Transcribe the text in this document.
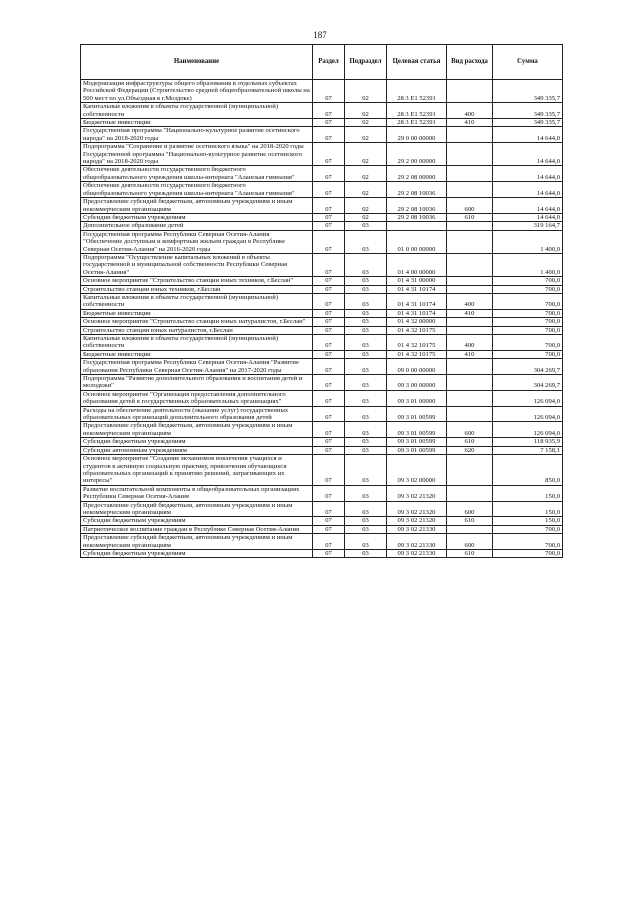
187
Наименование	Раздел	Подраздел	Целевая статья	Вид расхода	Сумма
Модернизация инфраструктуры общего образования в отдельных субъектах Российской Федерации (Строительство средней общеобразовательной школы на 500 мест по ул.Объездная в г.Моздоке)	07	02	28 3 E1 52391		349 335,7
Капитальные вложения в объекты государственной (муниципальной) собственности	07	02	28 3 E1 52391	400	349 335,7
Бюджетные инвестиции	07	02	28 3 E1 52391	410	349 335,7
Государственная программа "Национально-культурное развитие осетинского народа" на 2018-2020 годы	07	02	29 0 00 00000		14 644,0
Подпрограмма "Сохранение и развитие осетинского языка" на 2018-2020 годы Государственной программы "Национально-культурное развитие осетинского народа" на 2018-2020 годы	07	02	29 2 00 00000		14 644,0
Обеспечение деятельности государственного бюджетного общеобразовательного учреждения школы-интерната "Аланская гимназия"	07	02	29 2 08 00000		14 644,0
Обеспечение деятельности государственного бюджетного общеобразовательного учреждения школы-интерната "Аланская гимназия"	07	02	29 2 08 10036		14 644,0
Предоставление субсидий бюджетным, автономным учреждениям и иным некоммерческим организациям	07	02	29 2 08 10036	600	14 644,0
Субсидии бюджетным учреждениям	07	02	29 2 08 10036	610	14 644,0
Дополнительное образование детей	07	03			319 164,7
Государственная программа Республики Северная Осетия-Алания "Обеспечение доступным и комфортным жильем граждан в Республике Северная Осетия-Алания" на 2016-2020 годы	07	03	01 0 00 00000		1 400,0
Подпрограмма "Осуществление капитальных вложений в объекты государственной и муниципальной собственности Республики Северная Осетия-Алания"	07	03	01 4 00 00000		1 400,0
Основное мероприятие "Строительство станции юных техников, г.Беслан"	07	03	01 4 31 00000		700,0
Строительство станции юных техников, г.Беслан	07	03	01 4 31 10174		700,0
Капитальные вложения в объекты государственной (муниципальной) собственности	07	03	01 4 31 10174	400	700,0
Бюджетные инвестиции	07	03	01 4 31 10174	410	700,0
Основное мероприятие "Строительство станции юных натуралистов, г.Беслан"	07	03	01 4 32 00000		700,0
Строительство станции юных натуралистов, г.Беслан	07	03	01 4 32 10175		700,0
Капитальные вложения в объекты государственной (муниципальной) собственности	07	03	01 4 32 10175	400	700,0
Бюджетные инвестиции	07	03	01 4 32 10175	410	700,0
Государственная программа Республики Северная Осетия-Алания "Развитие образования Республики Северная Осетия-Алания" на 2017-2020 годы	07	03	09 0 00 00000		304 269,7
Подпрограмма "Развитие дополнительного образования и воспитания детей и молодежи"	07	03	09 3 00 00000		304 269,7
Основное мероприятие "Организация предоставления дополнительного образования детей в государственных образовательных организациях"	07	03	09 3 01 00000		126 094,0
Расходы на обеспечение деятельности (оказание услуг) государственных образовательных организаций дополнительного образования детей	07	03	09 3 01 00599		126 094,0
Предоставление субсидий бюджетным, автономным учреждениям и иным некоммерческим организациям	07	03	09 3 01 00599	600	126 094,0
Субсидии бюджетным учреждениям	07	03	09 3 01 00599	610	118 935,9
Субсидии автономным учреждениям	07	03	09 3 01 00599	620	7 158,1
Основное мероприятие "Создание механизмов вовлечения учащихся и студентов в активную социальную практику, привлечения обучающихся образовательных организаций к принятию решений, затрагивающих их интересы"	07	03	09 3 02 00000		850,0
Развитие воспитательной компоненты в общеобразовательных организациях Республики Северная Осетия-Алания	07	03	09 3 02 21320		150,0
Предоставление субсидий бюджетным, автономным учреждениям и иным некоммерческим организациям	07	03	09 3 02 21320	600	150,0
Субсидии бюджетным учреждениям	07	03	09 3 02 21320	610	150,0
Патриотическое воспитание граждан в Республике Северная Осетия-Алания	07	03	09 3 02 21330		700,0
Предоставление субсидий бюджетным, автономным учреждениям и иным некоммерческим организациям	07	03	09 3 02 21330	600	700,0
Субсидии бюджетным учреждениям	07	03	09 3 02 21330	610	700,0
